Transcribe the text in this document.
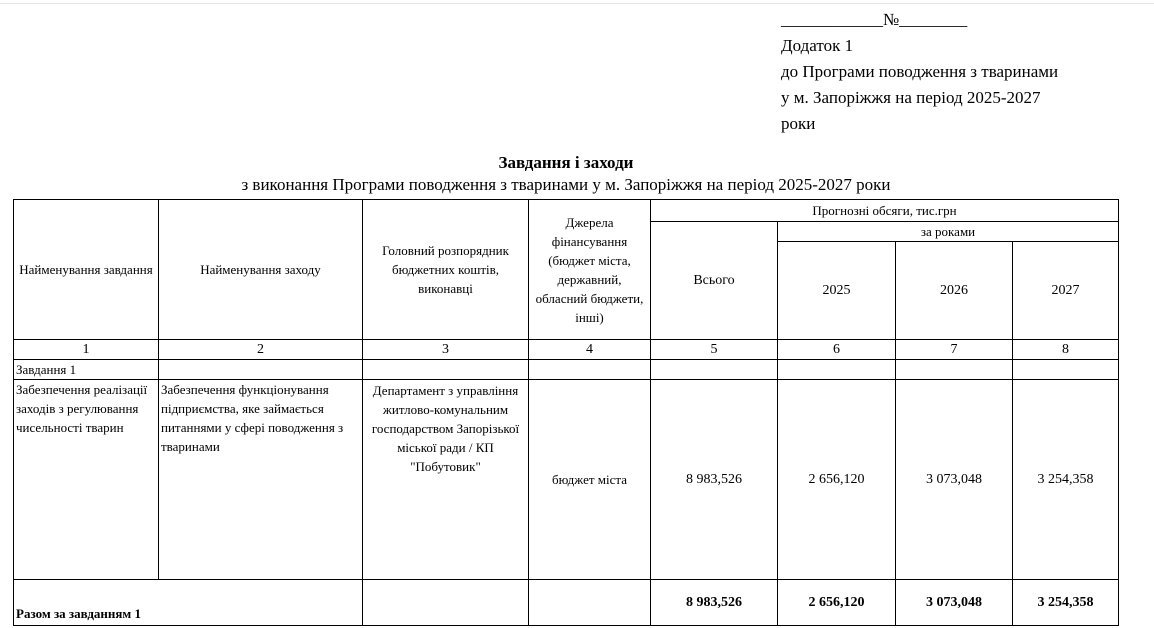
____________№________
Додаток 1
до Програми поводження з тваринами
у м. Запоріжжя на період 2025-2027
роки
Завдання і заходи
з виконання Програми поводження з тваринами у м. Запоріжжя на період 2025-2027 роки
Найменування завдання	Найменування заходу	Головний розпорядник бюджетних коштів, виконавці	Джерела фінансування (бюджет міста, державний, обласний бюджети, інші)	Прогнозні обсяги, тис.грн			
				Всього	за роками		
					2025	2026	2027
1	2	3	4	5	6	7	8
Завдання 1							
Забезпечення реалізації заходів з регулювання чисельності тварин	Забезпечення функціонування підприємства, яке займається питаннями у сфері поводження з тваринами	Департамент з управління житлово-комунальним господарством Запорізької міської ради / КП "Побутовик"	бюджет міста	8 983,526	2 656,120	3 073,048	3 254,358
Разом за завданням 1				8 983,526	2 656,120	3 073,048	3 254,358
